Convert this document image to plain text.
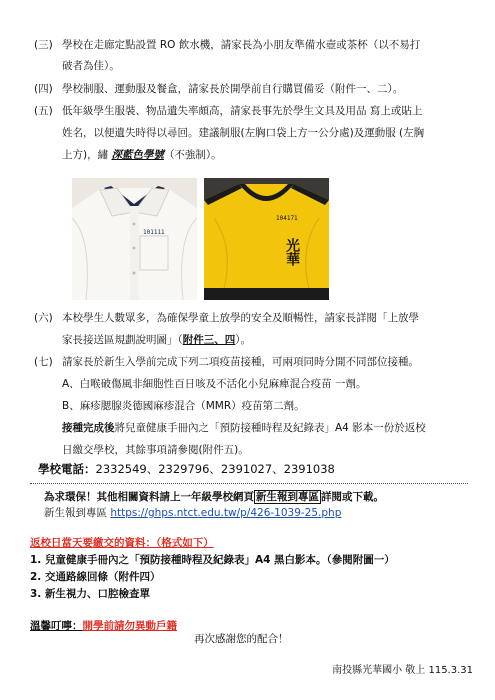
(三) 學校在走廊定點設置 RO 飲水機，請家長為小朋友準備水壺或茶杯（以不易打
破者為佳）。
(四) 學校制服、運動服及餐盒，請家長於開學前自行購買備妥（附件一、二）。
(五) 低年級學生服裝、物品遺失率頗高，請家長事先於學生文具及用品 寫上或貼上
姓名，以便遺失時得以尋回。建議制服(左胸口袋上方一公分處)及運動服 (左胸
上方)，繡 深藍色學號（不強制）。
101111
104171
光華
(六) 本校學生人數眾多，為確保學童上放學的安全及順暢性，請家長詳閱「上放學
家長接送區規劃說明圖」（附件三、四）。
(七) 請家長於新生入學前完成下列二項疫苗接種，可兩項同時分開不同部位接種。
A、白喉破傷風非細胞性百日咳及不活化小兒麻痺混合疫苗 一劑。
B、麻疹腮腺炎德國麻疹混合（MMR）疫苗第二劑。
接種完成後將兒童健康手冊內之「預防接種時程及紀錄表」A4 影本一份於返校
日繳交學校，其餘事項請參閱(附件五)。
學校電話：2332549、2329796、2391027、2391038
為求環保！其他相關資料請上一年級學校網頁 新生報到專區 詳閱或下載。
新生報到專區 https://ghps.ntct.edu.tw/p/426-1039-25.php
返校日當天要繳交的資料：（格式如下）
1. 兒童健康手冊內之「預防接種時程及紀錄表」A4 黑白影本。（參閱附圖一）
2. 交通路線回條（附件四）
3. 新生視力、口腔檢查單
溫馨叮嚀：開學前請勿異動戶籍
再次感謝您的配合！
南投縣光華國小 敬上 115.3.31
